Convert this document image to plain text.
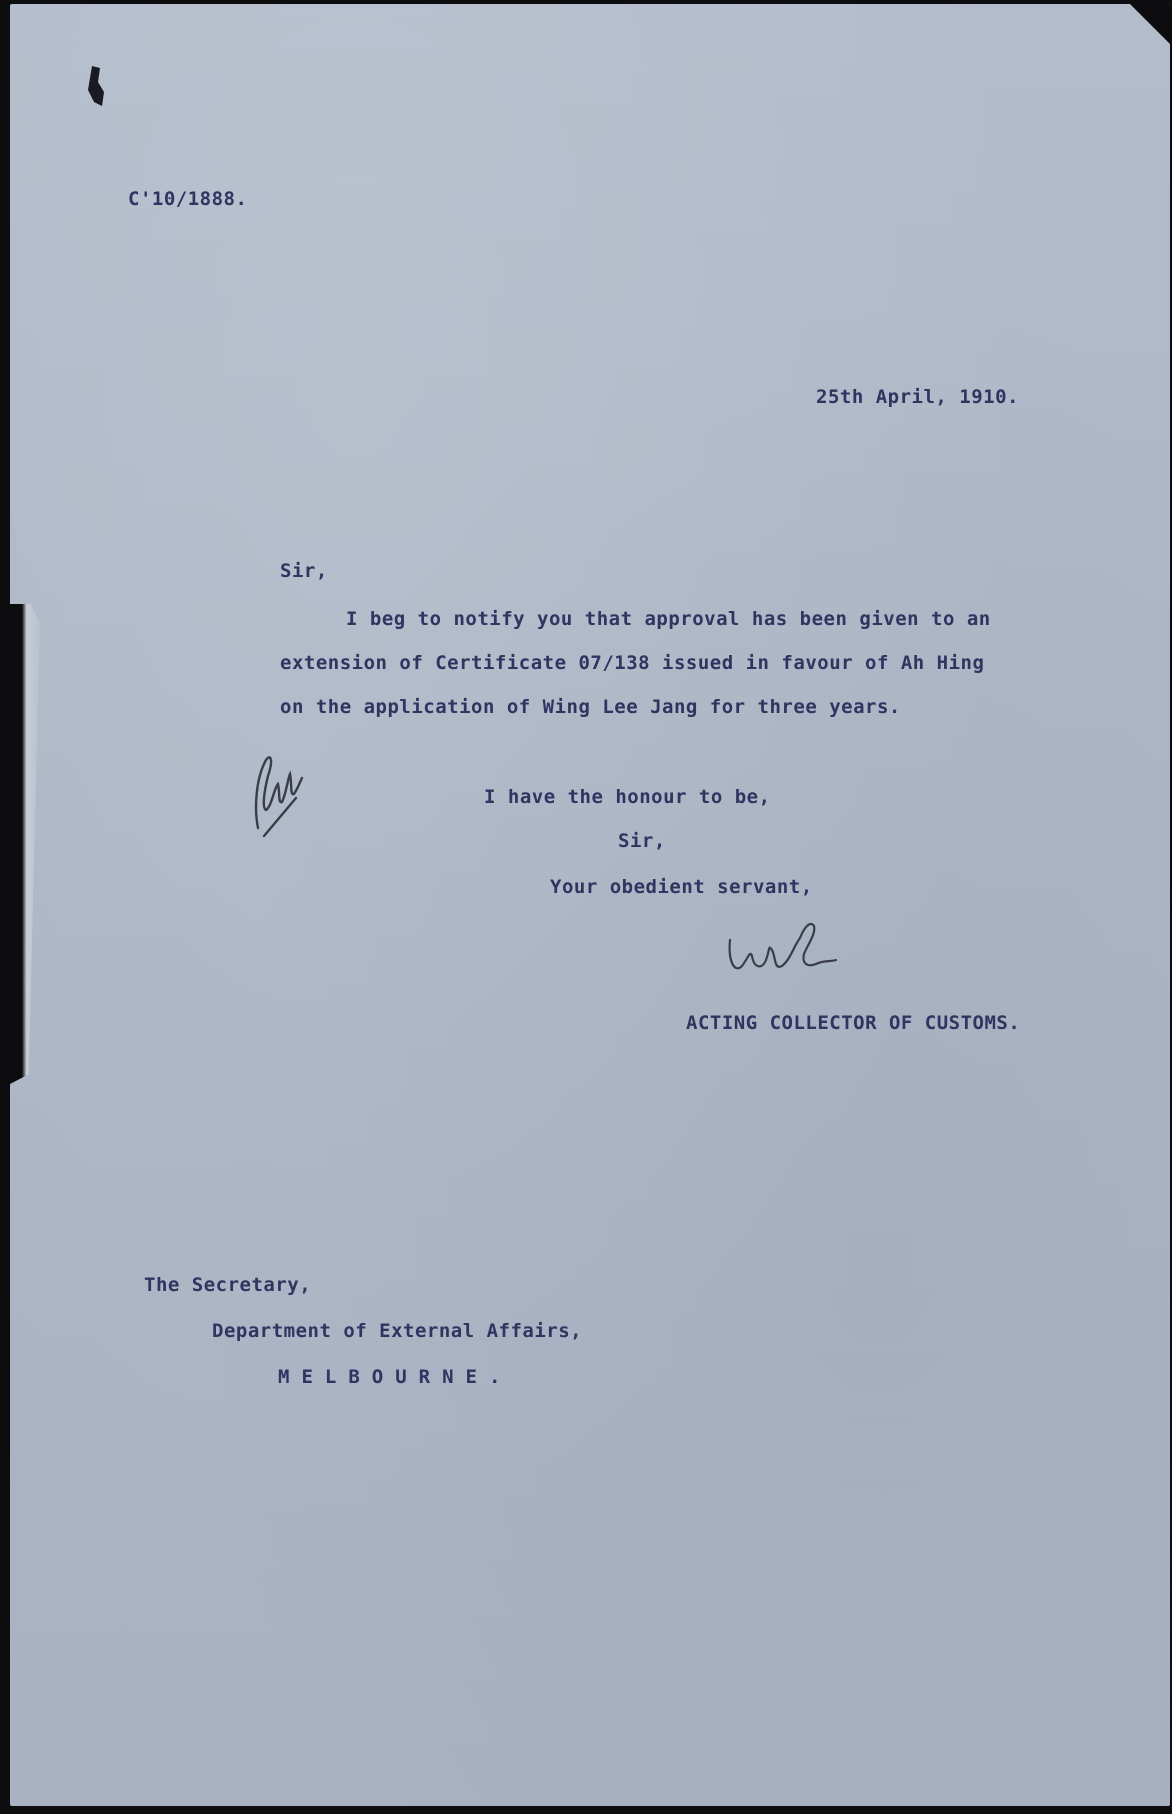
C'10/1888.
25th April, 1910.
Sir,
I beg to notify you that approval has been given to an
extension of Certificate 07/138 issued in favour of Ah Hing
on the application of Wing Lee Jang for three years.
I have the honour to be,
Sir,
Your obedient servant,
ACTING COLLECTOR OF CUSTOMS.
The Secretary,
Department of External Affairs,
MELBOURNE.
